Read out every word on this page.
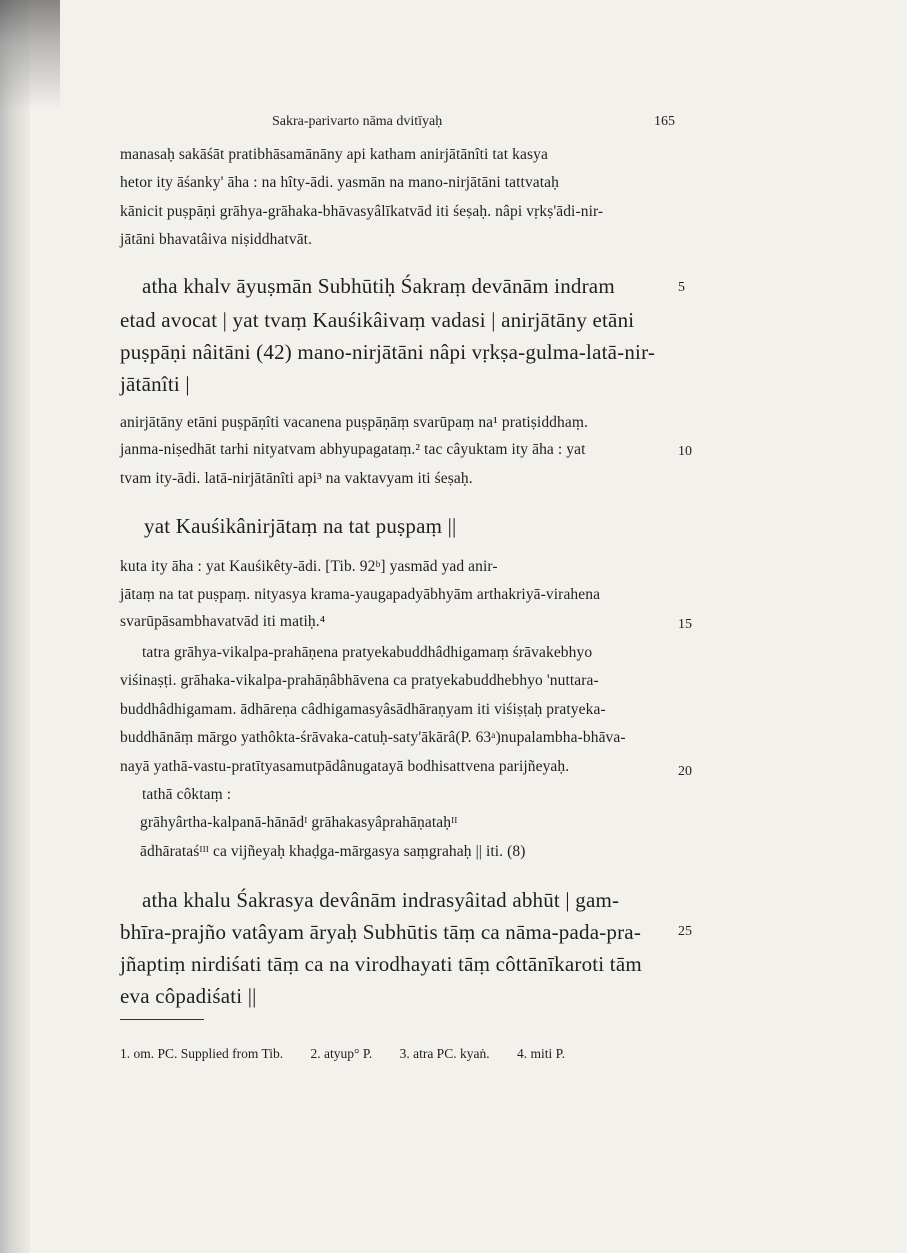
Sakra-parivarto nāma dvitīyaḥ	165
manasaḥ sakāśāt pratibhāsamānāny api katham anirjātānîti tat kasya
hetor ity āśanky' āha : na hîty-ādi. yasmān na mano-nirjātāni tattvataḥ
kānicit puṣpāṇi grāhya-grāhaka-bhāvasyâlīkatvād iti śeṣaḥ. nâpi vṛkṣ'ādi-nir-
jātāni bhavatâiva niṣiddhatvāt.
atha khalv āyuṣmān Subhūtiḥ Śakraṃ devānām indram
etad avocat | yat tvaṃ Kauśikâivaṃ vadasi | anirjātāny etāni
puṣpāṇi nâitāni (42) mano-nirjātāni nâpi vṛkṣa-gulma-latā-nir-
jātānîti |
anirjātāny etāni puṣpāṇîti vacanena puṣpāṇāṃ svarūpaṃ na¹ pratiṣiddhaṃ.
janma-niṣedhāt tarhi nityatvam abhyupagataṃ.² tac câyuktam ity āha : yat
tvam ity-ādi. latā-nirjātānîti api³ na vaktavyam iti śeṣaḥ.
yat Kauśikânirjātaṃ na tat puṣpaṃ ||
kuta ity āha : yat Kauśikêty-ādi. [Tib. 92ᵇ] yasmād yad anir-
jātaṃ na tat puṣpaṃ. nityasya krama-yaugapadyābhyām arthakriyā-virahena
svarūpāsambhavatvād iti matiḥ.⁴
tatra grāhya-vikalpa-prahāṇena pratyekabuddhâdhigamaṃ śrāvakebhyo
viśinaṣṭi. grāhaka-vikalpa-prahāṇâbhāvena ca pratyekabuddhebhyo 'nuttara-
buddhâdhigamam. ādhāreṇa câdhigamasyâsādhāraṇyam iti viśiṣṭaḥ pratyeka-
buddhānāṃ mārgo yathôkta-śrāvaka-catuḥ-saty'ākārâ(P. 63ᵃ)nupalambha-bhāva-
nayā yathā-vastu-pratītyasamutpādânugatayā bodhisattvena parijñeyaḥ.
tathā côktaṃ :
grāhyârtha-kalpanā-hānādᴵ grāhakasyâprahāṇataḥᴵᴵ
ādhārataśᴵᴵᴵ ca vijñeyaḥ khaḍga-mārgasya saṃgrahaḥ || iti. (8)
atha khalu Śakrasya devânām indrasyâitad abhūt | gam-
bhīra-prajño vatâyam āryaḥ Subhūtis tāṃ ca nāma-pada-pra-
jñaptiṃ nirdiśati tāṃ ca na virodhayati tāṃ côttānīkaroti tām
eva côpadiśati ||
5
10
15
20
25
1. om. PC. Supplied from Tib. 2. atyup° P. 3. atra PC. kyaṅ. 4. miti P.
